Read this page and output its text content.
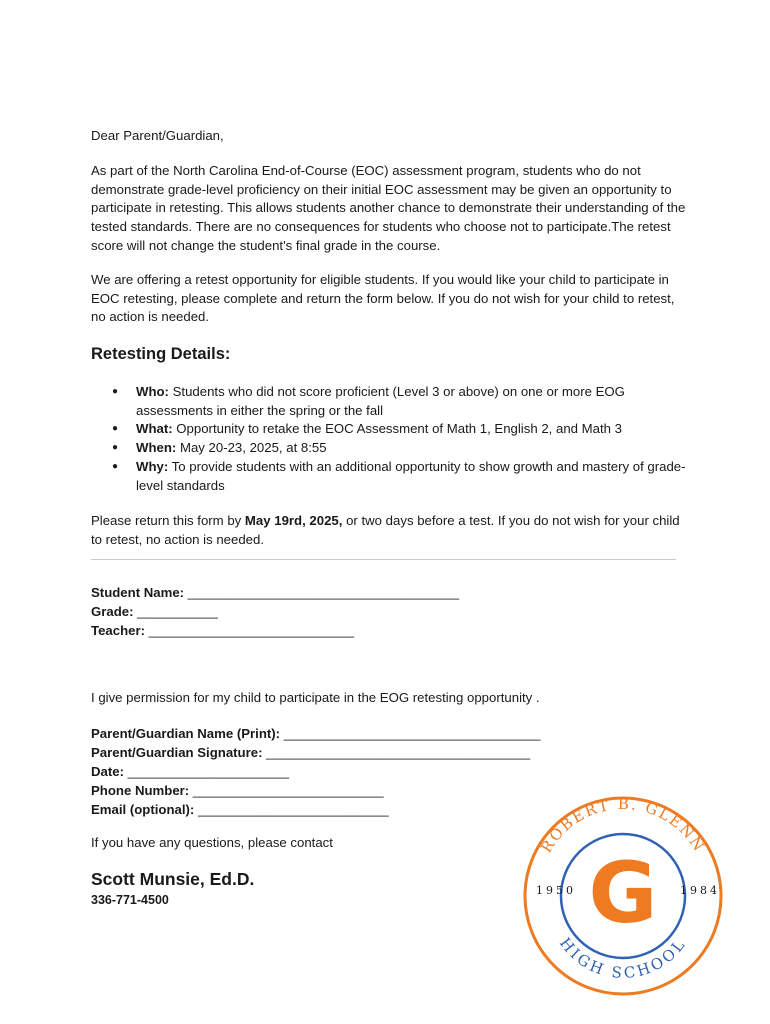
Dear Parent/Guardian,
As part of the North Carolina End-of-Course (EOC) assessment program, students who do not demonstrate grade-level proficiency on their initial EOC assessment may be given an opportunity to participate in retesting. This allows students another chance to demonstrate their understanding of the tested standards. There are no consequences for students who choose not to participate.The retest score will not change the student's final grade in the course.
We are offering a retest opportunity for eligible students. If you would like your child to participate in EOC retesting, please complete and return the form below. If you do not wish for your child to retest, no action is needed.
Retesting Details:
● Who: Students who did not score proficient (Level 3 or above) on one or more EOG assessments in either the spring or the fall
● What: Opportunity to retake the EOC Assessment of Math 1, English 2, and Math 3
● When: May 20-23, 2025, at 8:55
● Why: To provide students with an additional opportunity to show growth and mastery of grade-level standards
Please return this form by May 19rd, 2025, or two days before a test. If you do not wish for your child to retest, no action is needed.
Student Name: _____________________________________
Grade: ___________
Teacher: ____________________________
I give permission for my child to participate in the EOG retesting opportunity .
Parent/Guardian Name (Print): ___________________________________
Parent/Guardian Signature: ____________________________________
Date: ______________________
Phone Number: __________________________
Email (optional): __________________________
If you have any questions, please contact
Scott Munsie, Ed.D.
336-771-4500
ROBERT B. GLENN
HIGH SCHOOL
1950	1984
G
